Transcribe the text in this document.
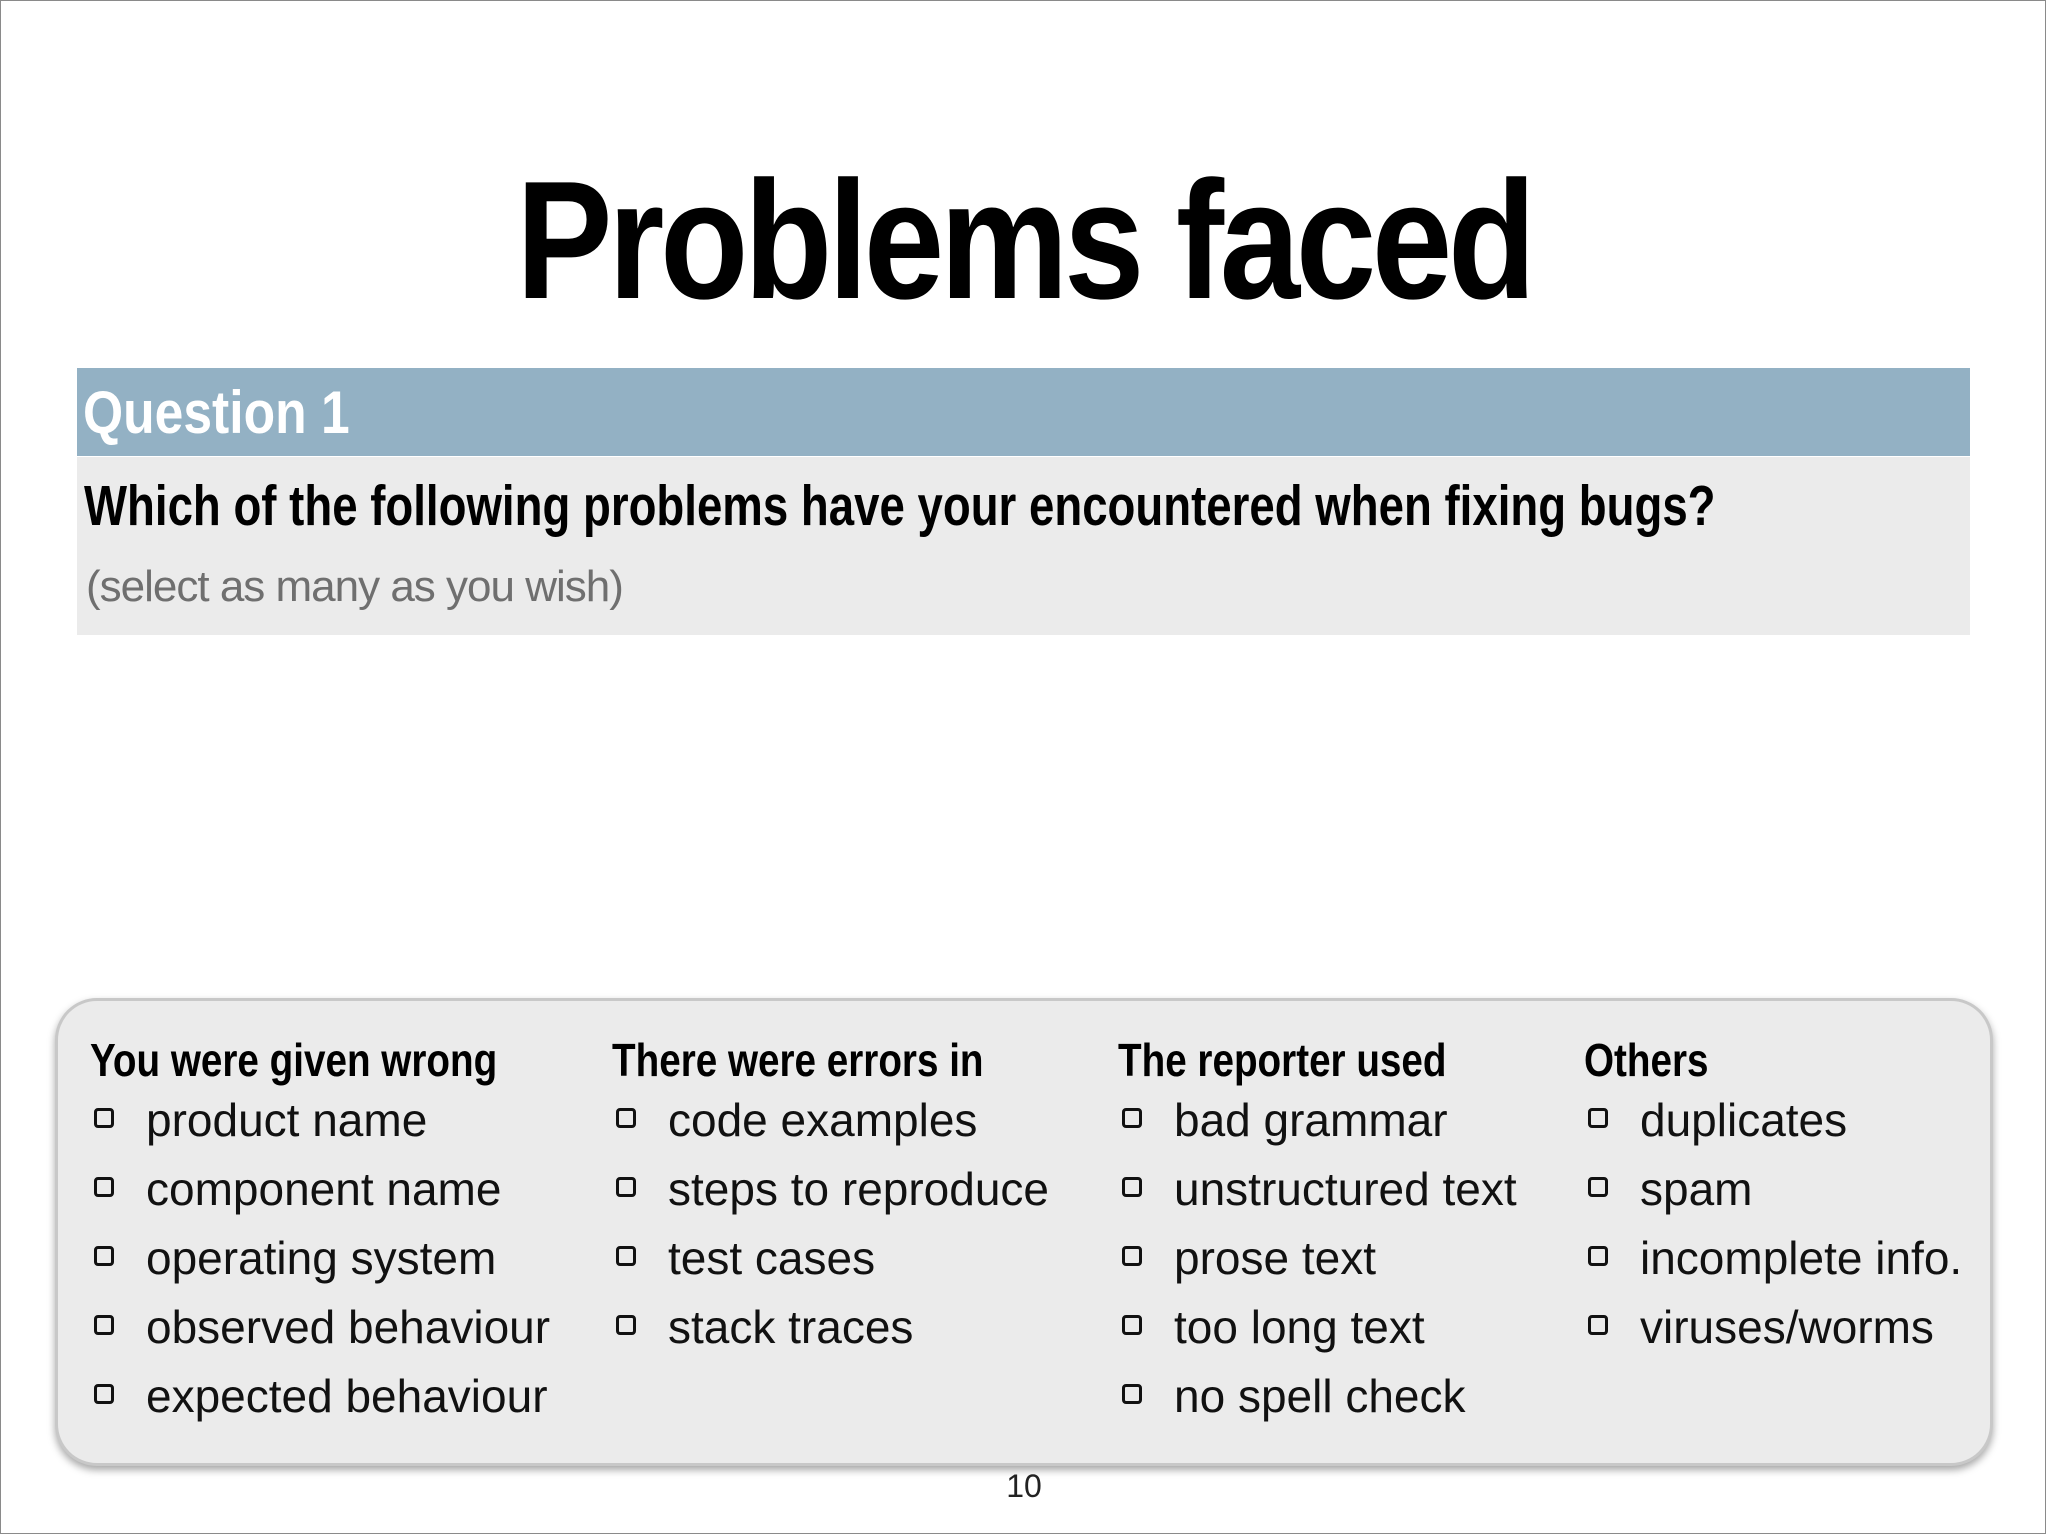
Problems faced
Question 1
Which of the following problems have your encountered when fixing bugs?
(select as many as you wish)
You were given wrong
product name
component name
operating system
observed behaviour
expected behaviour
There were errors in
code examples
steps to reproduce
test cases
stack traces
The reporter used
bad grammar
unstructured text
prose text
too long text
no spell check
Others
duplicates
spam
incomplete info.
viruses/worms
10
